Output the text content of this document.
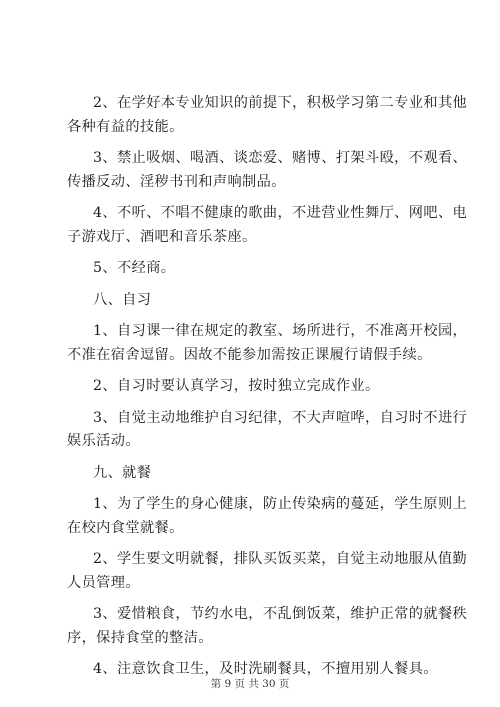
2、在学好本专业知识的前提下，积极学习第二专业和其他
各种有益的技能。

3、禁止吸烟、喝酒、谈恋爱、赌博、打架斗殴，不观看、
传播反动、淫秽书刊和声响制品。

4、不听、不唱不健康的歌曲，不进营业性舞厅、网吧、电
子游戏厅、酒吧和音乐茶座。

5、不经商。

八、自习

1、自习课一律在规定的教室、场所进行，不准离开校园，
不准在宿舍逗留。因故不能参加需按正课履行请假手续。

2、自习时要认真学习，按时独立完成作业。

3、自觉主动地维护自习纪律，不大声喧哗，自习时不进行
娱乐活动。

九、就餐

1、为了学生的身心健康，防止传染病的蔓延，学生原则上
在校内食堂就餐。

2、学生要文明就餐，排队买饭买菜，自觉主动地服从值勤
人员管理。

3、爱惜粮食，节约水电，不乱倒饭菜，维护正常的就餐秩
序，保持食堂的整洁。

4、注意饮食卫生，及时洗刷餐具，不擅用别人餐具。

第 9 页 共 30 页
